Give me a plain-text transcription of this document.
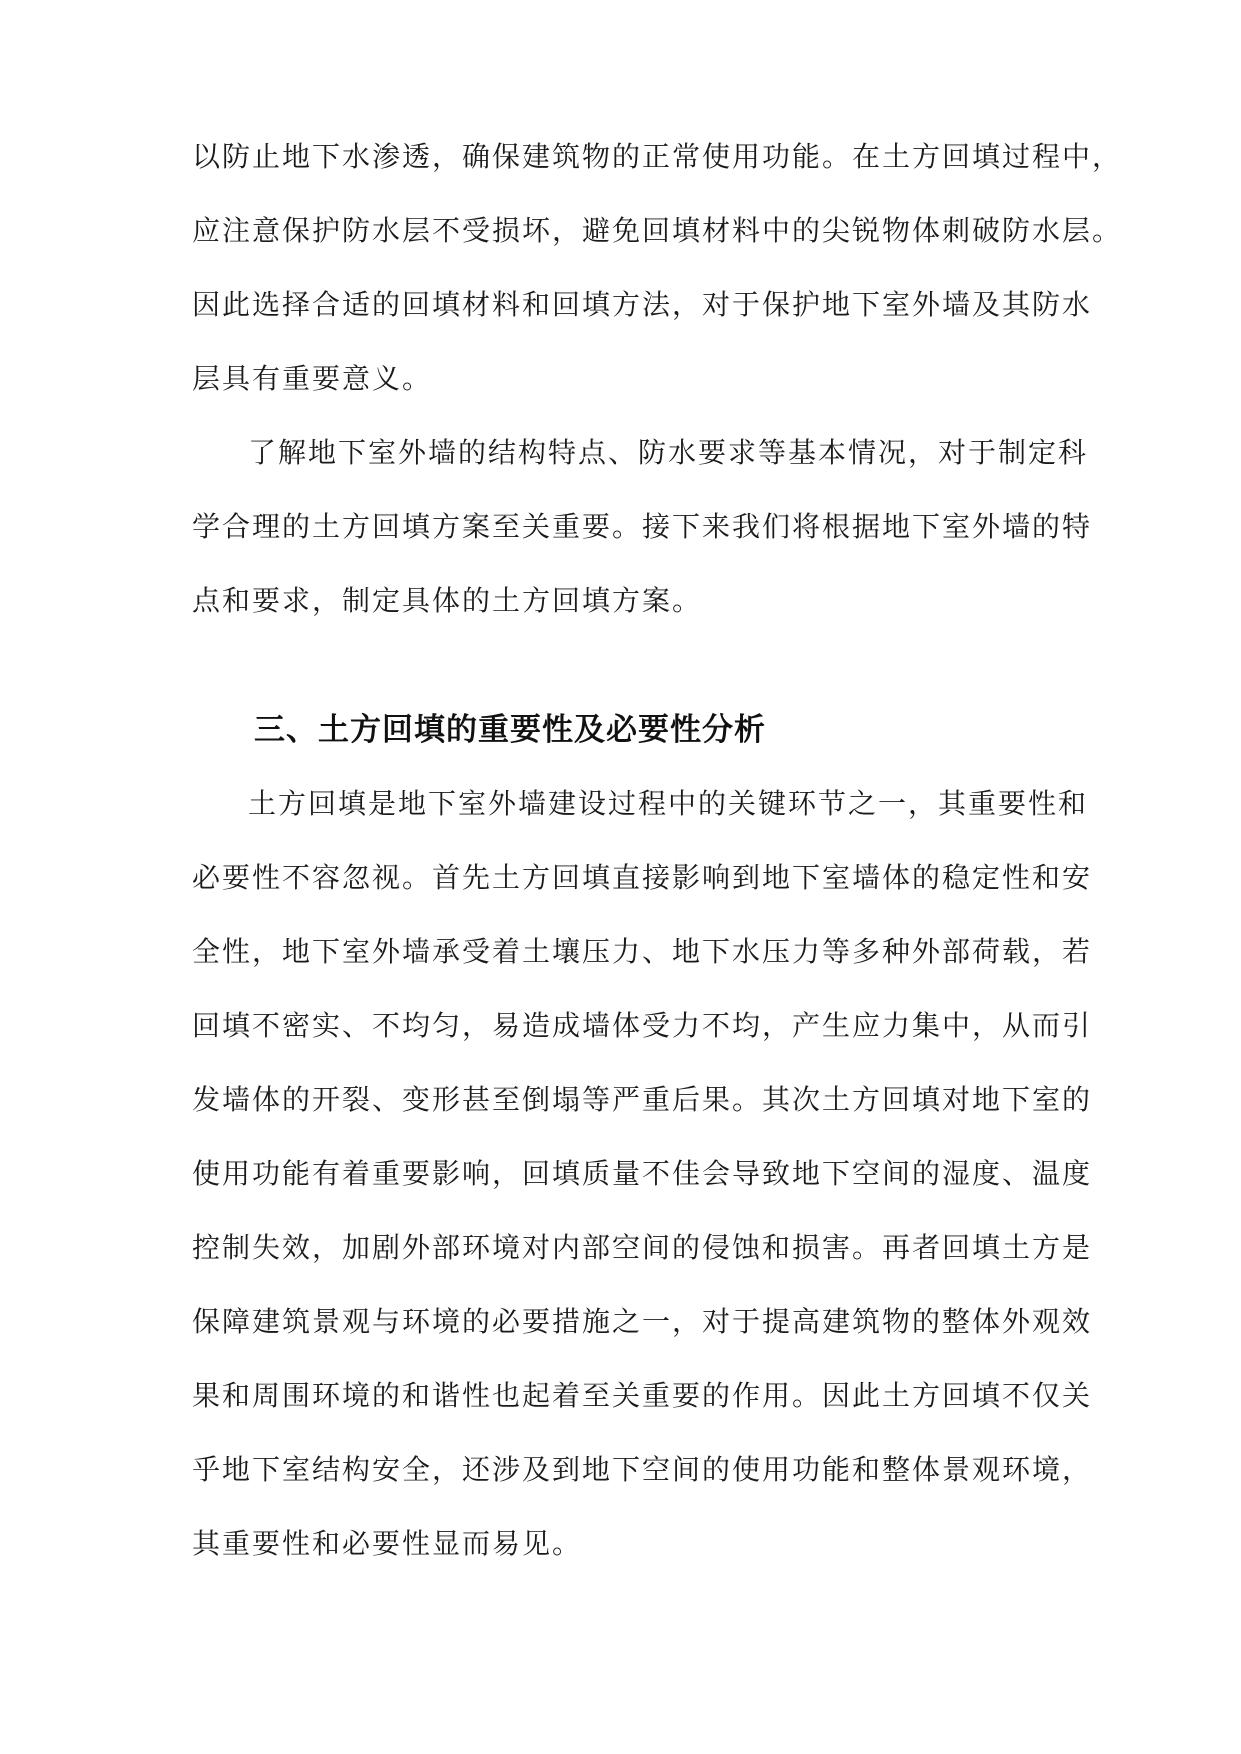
以防止地下水渗透，确保建筑物的正常使用功能。在土方回填过程中，
应注意保护防水层不受损坏，避免回填材料中的尖锐物体刺破防水层。
因此选择合适的回填材料和回填方法，对于保护地下室外墙及其防水
层具有重要意义。
了解地下室外墙的结构特点、防水要求等基本情况，对于制定科
学合理的土方回填方案至关重要。接下来我们将根据地下室外墙的特
点和要求，制定具体的土方回填方案。
三、土方回填的重要性及必要性分析
土方回填是地下室外墙建设过程中的关键环节之一，其重要性和
必要性不容忽视。首先土方回填直接影响到地下室墙体的稳定性和安
全性，地下室外墙承受着土壤压力、地下水压力等多种外部荷载，若
回填不密实、不均匀，易造成墙体受力不均，产生应力集中，从而引
发墙体的开裂、变形甚至倒塌等严重后果。其次土方回填对地下室的
使用功能有着重要影响，回填质量不佳会导致地下空间的湿度、温度
控制失效，加剧外部环境对内部空间的侵蚀和损害。再者回填土方是
保障建筑景观与环境的必要措施之一，对于提高建筑物的整体外观效
果和周围环境的和谐性也起着至关重要的作用。因此土方回填不仅关
乎地下室结构安全，还涉及到地下空间的使用功能和整体景观环境，
其重要性和必要性显而易见。
